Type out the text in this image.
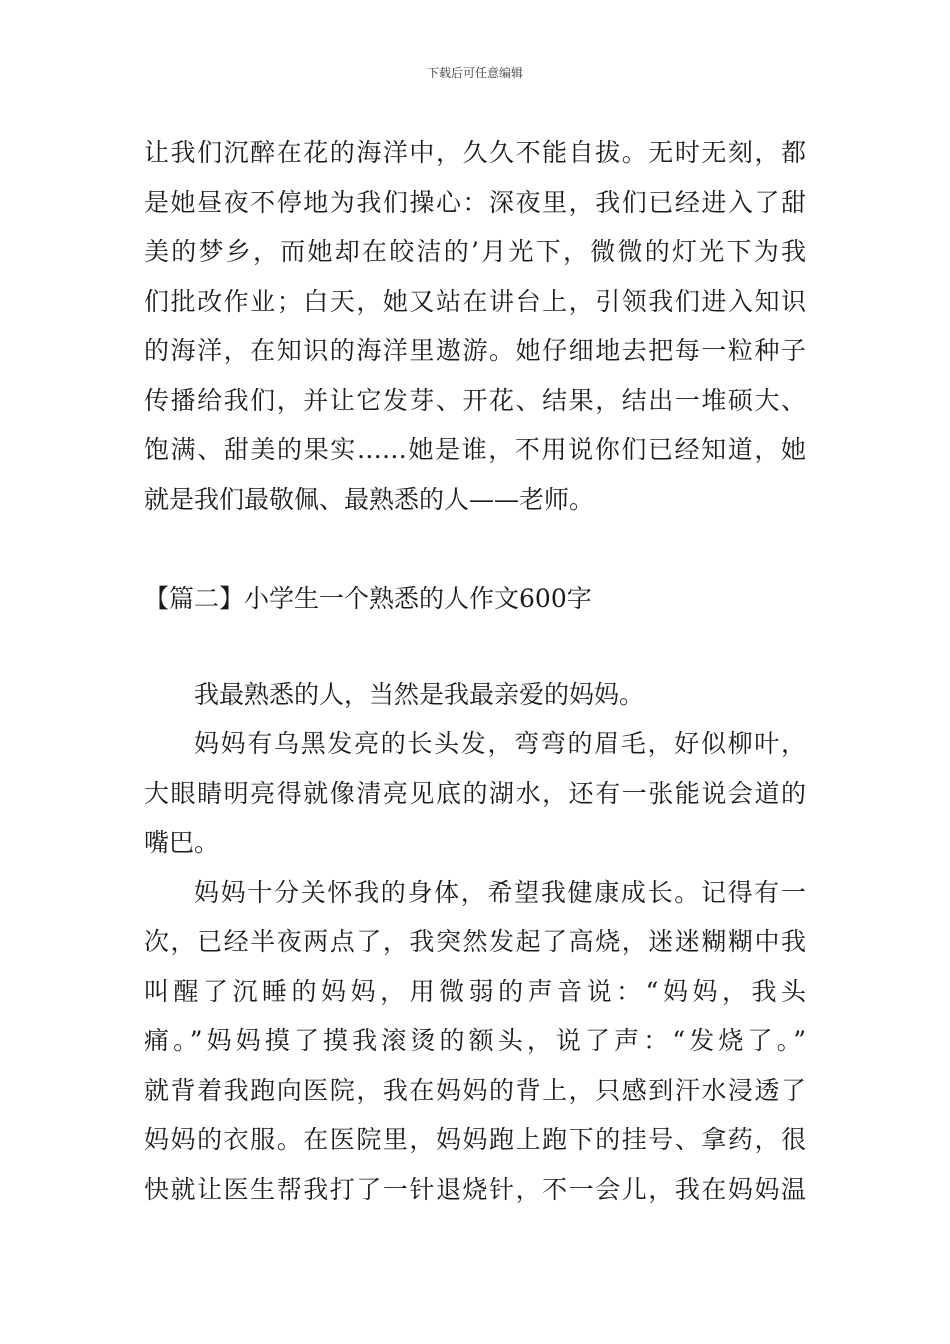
下载后可任意编辑
让我们沉醉在花的海洋中，久久不能自拔。无时无刻，都
是她昼夜不停地为我们操心：深夜里，我们已经进入了甜
美的梦乡，而她却在皎洁的’月光下，微微的灯光下为我
们批改作业；白天，她又站在讲台上，引领我们进入知识
的海洋，在知识的海洋里遨游。她仔细地去把每一粒种子
传播给我们，并让它发芽、开花、结果，结出一堆硕大、
饱满、甜美的果实……她是谁，不用说你们已经知道，她
就是我们最敬佩、最熟悉的人——老师。
【篇二】小学生一个熟悉的人作文600字
我最熟悉的人，当然是我最亲爱的妈妈。
妈妈有乌黑发亮的长头发，弯弯的眉毛，好似柳叶，
大眼睛明亮得就像清亮见底的湖水，还有一张能说会道的
嘴巴。
妈妈十分关怀我的身体，希望我健康成长。记得有一
次，已经半夜两点了，我突然发起了高烧，迷迷糊糊中我
叫醒了沉睡的妈妈，用微弱的声音说：“妈妈，我头
痛。”妈妈摸了摸我滚烫的额头，说了声：“发烧了。”
就背着我跑向医院，我在妈妈的背上，只感到汗水浸透了
妈妈的衣服。在医院里，妈妈跑上跑下的挂号、拿药，很
快就让医生帮我打了一针退烧针，不一会儿，我在妈妈温
